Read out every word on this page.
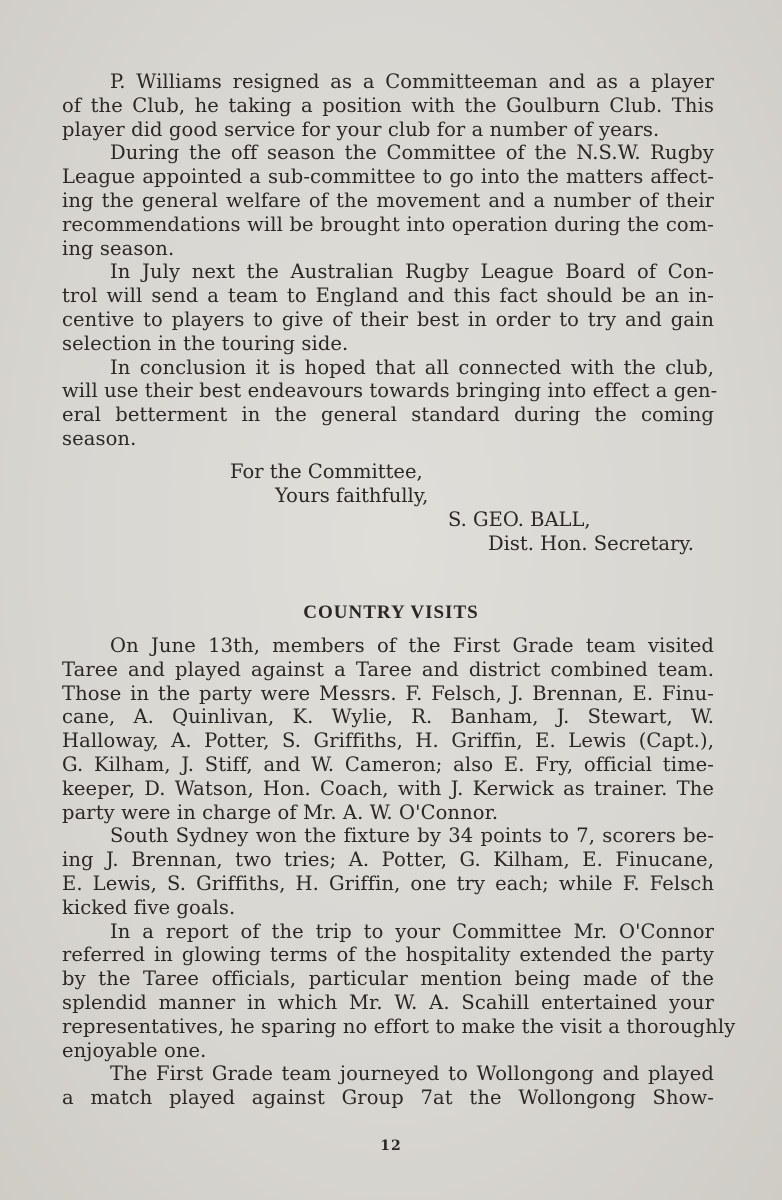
P. Williams resigned as a Committeeman and as a player
of the Club, he taking a position with the Goulburn Club. This
player did good service for your club for a number of years.
During the off season the Committee of the N.S.W. Rugby
League appointed a sub-committee to go into the matters affect-
ing the general welfare of the movement and a number of their
recommendations will be brought into operation during the com-
ing season.
In July next the Australian Rugby League Board of Con-
trol will send a team to England and this fact should be an in-
centive to players to give of their best in order to try and gain
selection in the touring side.
In conclusion it is hoped that all connected with the club,
will use their best endeavours towards bringing into effect a gen-
eral betterment in the general standard during the coming
season.
For the Committee,
Yours faithfully,
S. GEO. BALL,
Dist. Hon. Secretary.
COUNTRY VISITS
On June 13th, members of the First Grade team visited
Taree and played against a Taree and district combined team.
Those in the party were Messrs. F. Felsch, J. Brennan, E. Finu-
cane, A. Quinlivan, K. Wylie, R. Banham, J. Stewart, W.
Halloway, A. Potter, S. Griffiths, H. Griffin, E. Lewis (Capt.),
G. Kilham, J. Stiff, and W. Cameron; also E. Fry, official time-
keeper, D. Watson, Hon. Coach, with J. Kerwick as trainer. The
party were in charge of Mr. A. W. O'Connor.
South Sydney won the fixture by 34 points to 7, scorers be-
ing J. Brennan, two tries; A. Potter, G. Kilham, E. Finucane,
E. Lewis, S. Griffiths, H. Griffin, one try each; while F. Felsch
kicked five goals.
In a report of the trip to your Committee Mr. O'Connor
referred in glowing terms of the hospitality extended the party
by the Taree officials, particular mention being made of the
splendid manner in which Mr. W. A. Scahill entertained your
representatives, he sparing no effort to make the visit a thoroughly
enjoyable one.
The First Grade team journeyed to Wollongong and played
a match played against Group 7at the Wollongong Show-
12
